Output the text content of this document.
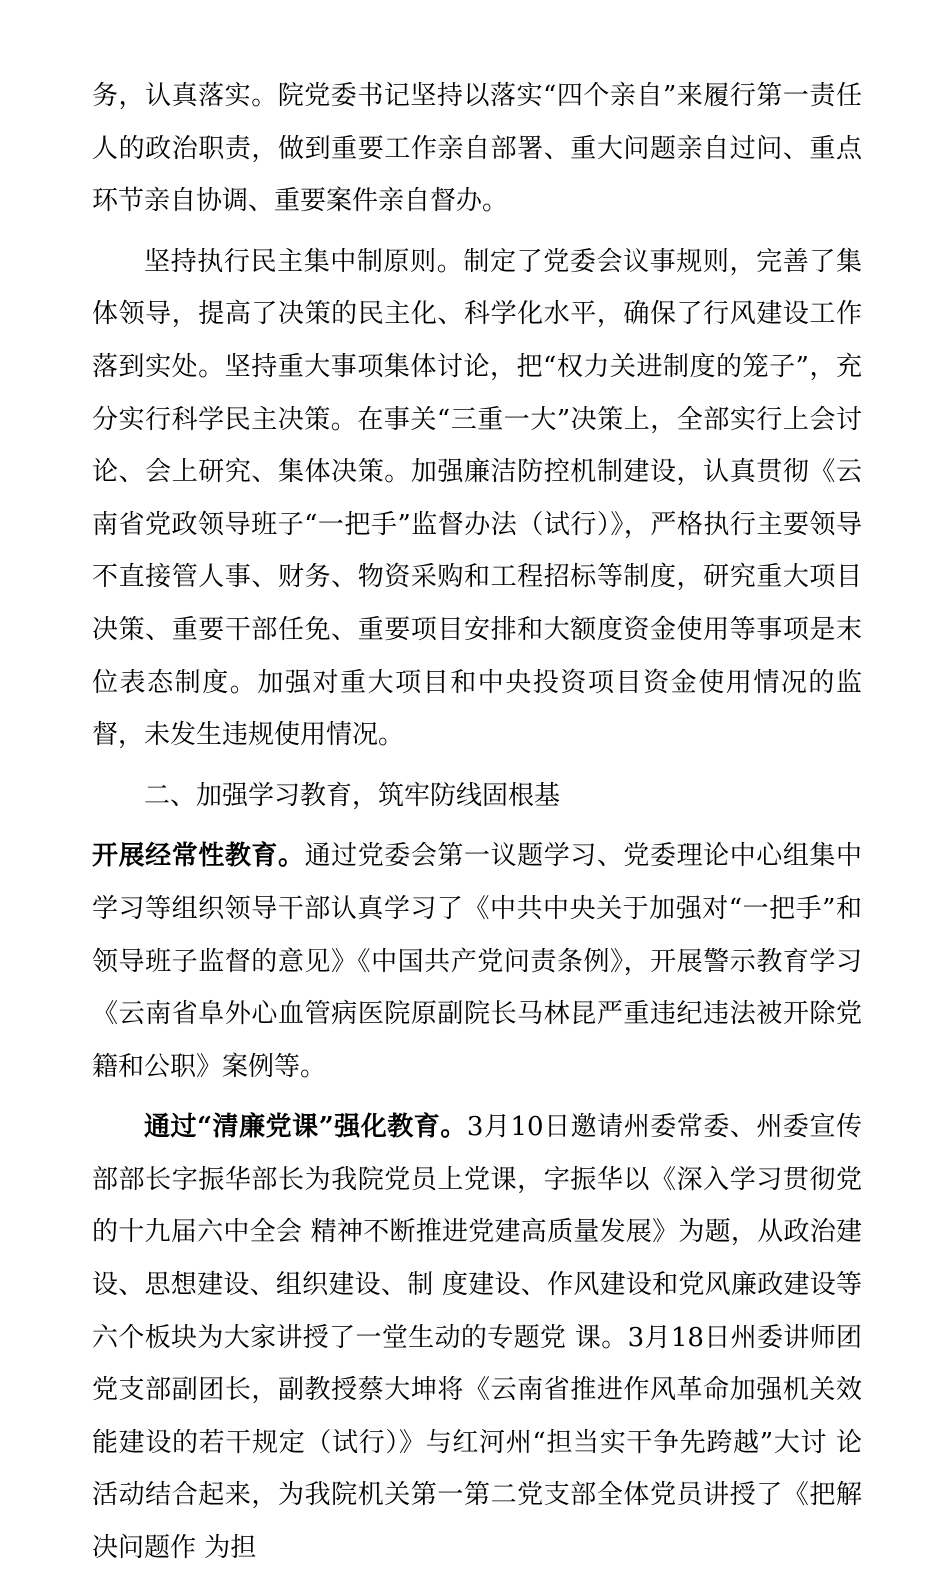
务，认真落实。院党委书记坚持以落实“四个亲自”来履行第一责任人的政治职责，做到重要工作亲自部署、重大问题亲自过问、重点环节亲自协调、重要案件亲自督办。

坚持执行民主集中制原则。制定了党委会议事规则，完善了集体领导，提高了决策的民主化、科学化水平，确保了行风建设工作落到实处。坚持重大事项集体讨论，把“权力关进制度的笼子”，充分实行科学民主决策。在事关“三重一大”决策上，全部实行上会讨论、会上研究、集体决策。加强廉洁防控机制建设，认真贯彻《云南省党政领导班子“一把手”监督办法（试行）》，严格执行主要领导不直接管人事、财务、物资采购和工程招标等制度，研究重大项目决策、重要干部任免、重要项目安排和大额度资金使用等事项是末位表态制度。加强对重大项目和中央投资项目资金使用情况的监督，未发生违规使用情况。

二、加强学习教育，筑牢防线固根基

开展经常性教育。通过党委会第一议题学习、党委理论中心组集中学习等组织领导干部认真学习了《中共中央关于加强对“一把手”和领导班子监督的意见》《中国共产党问责条例》，开展警示教育学习《云南省阜外心血管病医院原副院长马林昆严重违纪违法被开除党籍和公职》案例等。

通过“清廉党课”强化教育。3月10日邀请州委常委、州委宣传部部长字振华部长为我院党员上党课，字振华以《深入学习贯彻党的十九届六中全会 精神不断推进党建高质量发展》为题，从政治建设、思想建设、组织建设、制 度建设、作风建设和党风廉政建设等六个板块为大家讲授了一堂生动的专题党 课。3月18日州委讲师团党支部副团长，副教授蔡大坤将《云南省推进作风革命加强机关效能建设的若干规定（试行）》与红河州“担当实干争先跨越”大讨 论活动结合起来，为我院机关第一第二党支部全体党员讲授了《把解决问题作 为担
